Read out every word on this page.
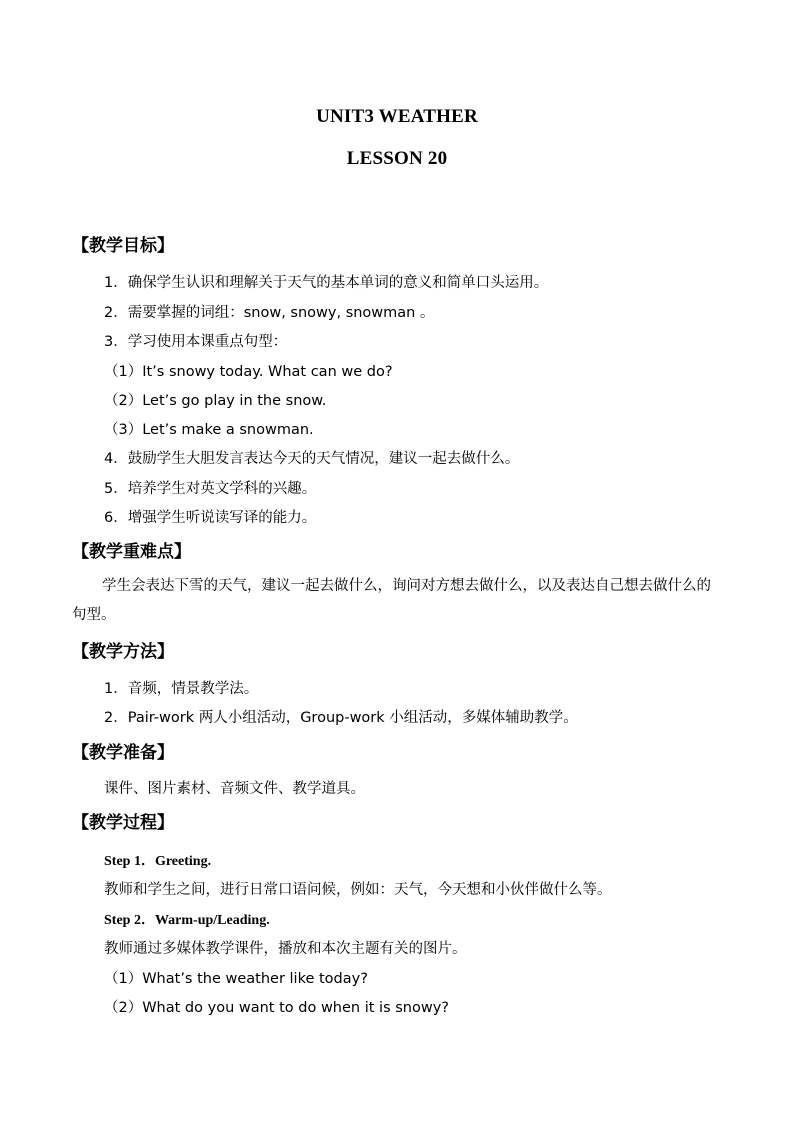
UNIT3 WEATHER
LESSON 20
【教学目标】
1．确保学生认识和理解关于天气的基本单词的意义和简单口头运用。
2．需要掌握的词组：snow, snowy, snowman 。
3．学习使用本课重点句型：
（1）It’s snowy today. What can we do?
（2）Let’s go play in the snow.
（3）Let’s make a snowman.
4．鼓励学生大胆发言表达今天的天气情况，建议一起去做什么。
5．培养学生对英文学科的兴趣。
6．增强学生听说读写译的能力。
【教学重难点】
学生会表达下雪的天气，建议一起去做什么，询问对方想去做什么，以及表达自己想去做什么的句型。
【教学方法】
1．音频，情景教学法。
2．Pair-work 两人小组活动，Group-work 小组活动，多媒体辅助教学。
【教学准备】
课件、图片素材、音频文件、教学道具。
【教学过程】
Step 1．Greeting.
教师和学生之间，进行日常口语问候，例如：天气，今天想和小伙伴做什么等。
Step 2．Warm-up/Leading.
教师通过多媒体教学课件，播放和本次主题有关的图片。
（1）What’s the weather like today?
（2）What do you want to do when it is snowy?
